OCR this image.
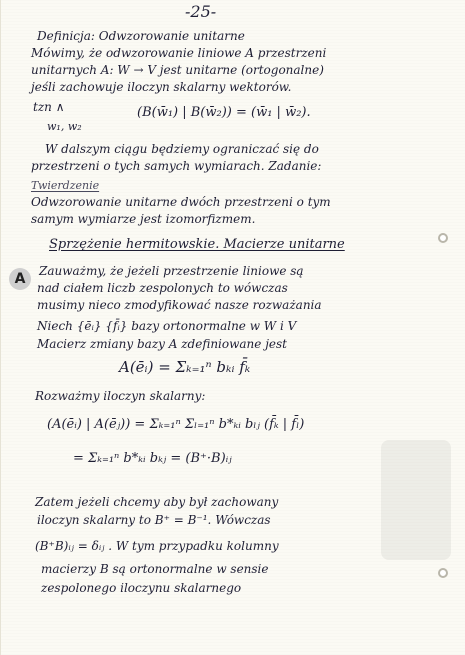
-25-
Definicja: Odwzorowanie unitarne
Mówimy, że odwzorowanie liniowe A przestrzeni
unitarnych A: W → V jest unitarne (ortogonalne)
jeśli zachowuje iloczyn skalarny wektorów.
tzn ∧	(B(w̄₁) | B(w̄₂)) = (w̄₁ | w̄₂).
w₁, w₂
W dalszym ciągu będziemy ograniczać się do
przestrzeni o tych samych wymiarach. Zadanie:
Twierdzenie
Odwzorowanie unitarne dwóch przestrzeni o tym
samym wymiarze jest izomorfizmem.
Sprzężenie hermitowskie. Macierze unitarne
A	Zauważmy, że jeżeli przestrzenie liniowe są
nad ciałem liczb zespolonych to wówczas
musimy nieco zmodyfikować nasze rozważania
Niech {ēᵢ} {f̄ᵢ} bazy ortonormalne w W i V
Macierz zmiany bazy A zdefiniowane jest
A(ēᵢ) = Σₖ₌₁ⁿ bₖᵢ f̄ₖ
Rozważmy iloczyn skalarny:
(A(ēᵢ) | A(ēⱼ)) = Σₖ₌₁ⁿ Σₗ₌₁ⁿ b*ₖᵢ bₗⱼ (f̄ₖ | f̄ₗ)
= Σₖ₌₁ⁿ b*ₖᵢ bₖⱼ = (B⁺·B)ᵢⱼ
Zatem jeżeli chcemy aby był zachowany
iloczyn skalarny to B⁺ = B⁻¹. Wówczas
(B⁺B)ᵢⱼ = δᵢⱼ . W tym przypadku kolumny
macierzy B są ortonormalne w sensie
zespolonego iloczynu skalarnego
